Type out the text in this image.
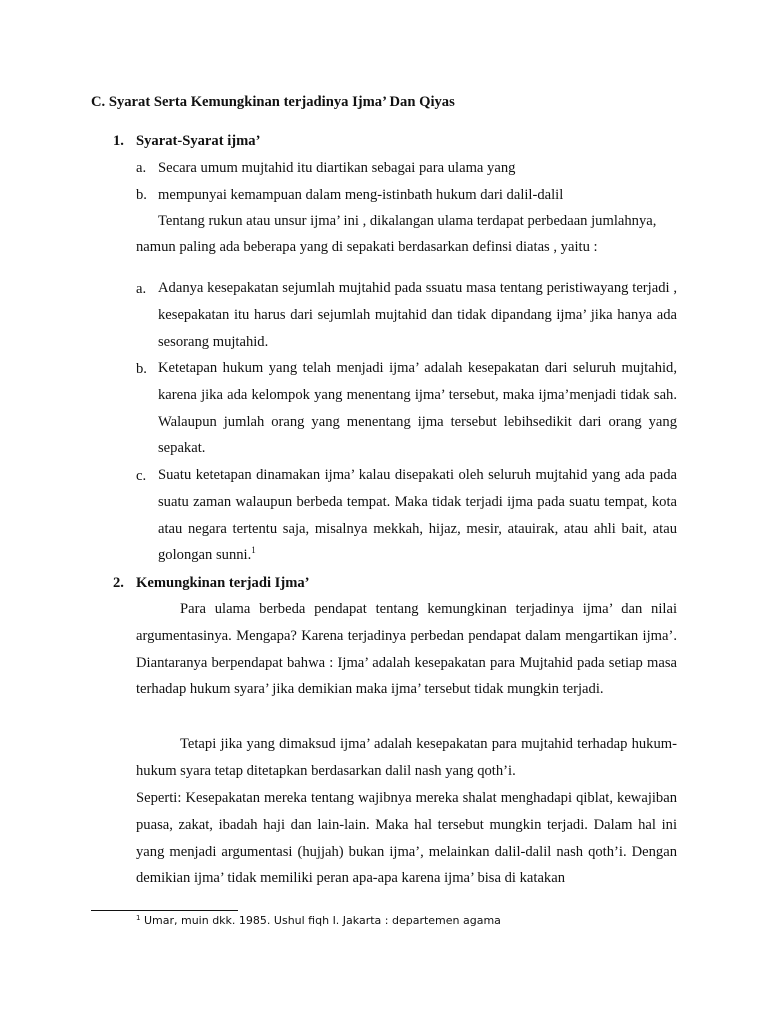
C. Syarat Serta Kemungkinan terjadinya Ijma’ Dan Qiyas
1. Syarat-Syarat ijma’
a. Secara umum mujtahid itu diartikan sebagai para ulama yang
b. mempunyai kemampuan dalam meng-istinbath hukum dari dalil-dalil
Tentang rukun atau unsur ijma’ ini , dikalangan ulama terdapat perbedaan jumlahnya,
namun paling ada beberapa yang di sepakati berdasarkan definsi diatas , yaitu :
a. Adanya kesepakatan sejumlah mujtahid pada ssuatu masa tentang peristiwayang terjadi , kesepakatan itu harus dari sejumlah mujtahid dan tidak dipandang ijma’ jika hanya ada sesorang mujtahid.

b. Ketetapan hukum yang telah menjadi ijma’ adalah kesepakatan dari seluruh mujtahid, karena jika ada kelompok yang menentang ijma’ tersebut, maka ijma’menjadi tidak sah. Walaupun jumlah orang yang menentang ijma tersebut lebihsedikit dari orang yang sepakat.

c. Suatu ketetapan dinamakan ijma’ kalau disepakati oleh seluruh mujtahid yang ada pada suatu zaman walaupun berbeda tempat. Maka tidak terjadi ijma pada suatu tempat, kota atau negara tertentu saja, misalnya mekkah, hijaz, mesir, atauirak, atau ahli bait, atau golongan sunni.$^1$

2. Kemungkinan terjadi Ijma’

Para ulama berbeda pendapat tentang kemungkinan terjadinya ijma’ dan nilai argumentasinya. Mengapa? Karena terjadinya perbedan pendapat dalam mengartikan ijma’. Diantaranya berpendapat bahwa : Ijma’ adalah kesepakatan para Mujtahid pada setiap masa terhadap hukum syara’ jika demikian maka ijma’ tersebut tidak mungkin terjadi.

Tetapi jika yang dimaksud ijma’ adalah kesepakatan para mujtahid terhadap hukum-hukum syara tetap ditetapkan berdasarkan dalil nash yang qoth’i.

Seperti: Kesepakatan mereka tentang wajibnya mereka shalat menghadapi qiblat, kewajiban puasa, zakat, ibadah haji dan lain-lain. Maka hal tersebut mungkin terjadi. Dalam hal ini yang menjadi argumentasi (hujjah) bukan ijma’, melainkan dalil-dalil nash qoth’i. Dengan demikian ijma’ tidak memiliki peran apa-apa karena ijma’ bisa di katakan

$^1$ Umar, muin dkk. 1985. Ushul fiqh I. Jakarta : departemen agama
